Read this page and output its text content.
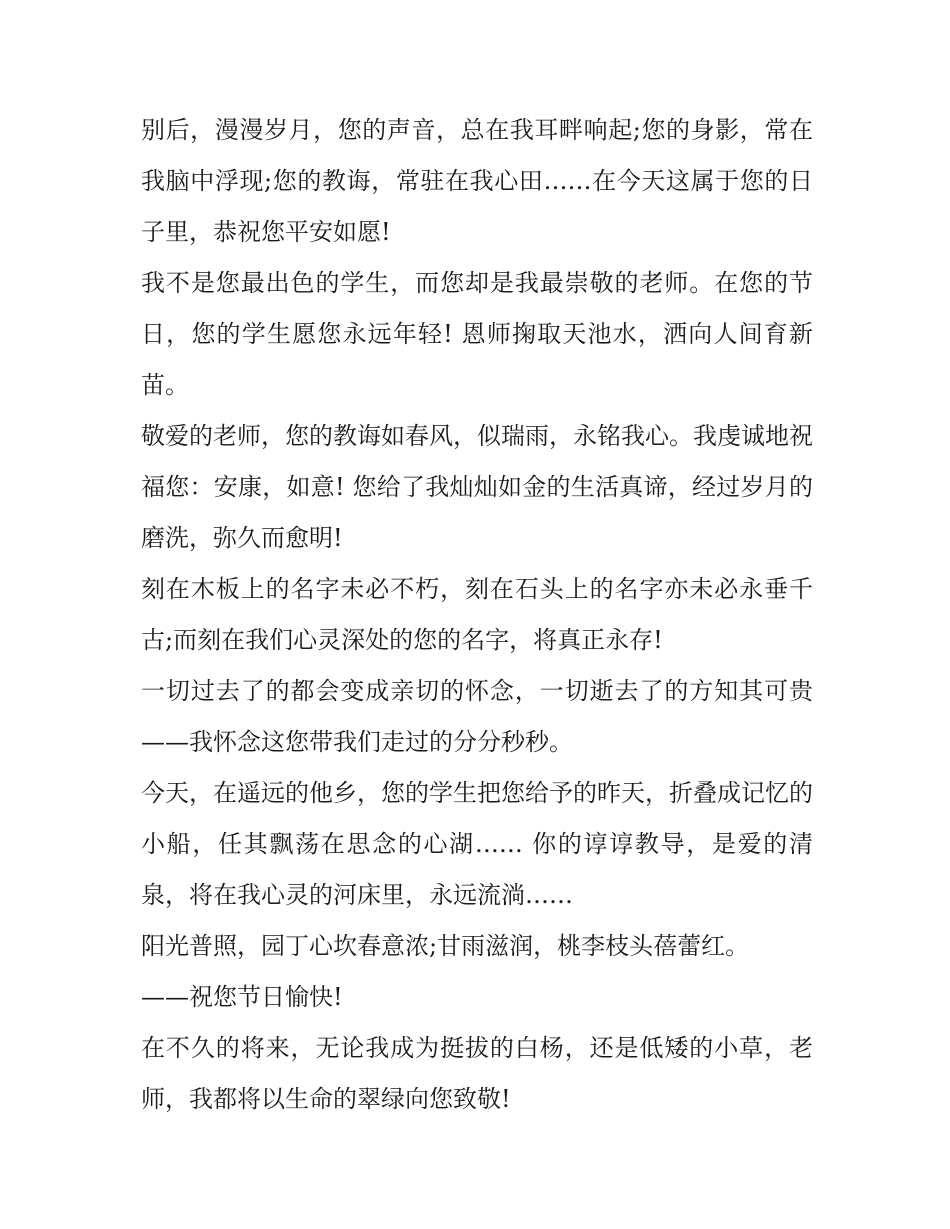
别后，漫漫岁月，您的声音，总在我耳畔响起;您的身影，常在我脑中浮现;您的教诲，常驻在我心田……在今天这属于您的日子里，恭祝您平安如愿!

我不是您最出色的学生，而您却是我最崇敬的老师。在您的节日，您的学生愿您永远年轻! 恩师掬取天池水，洒向人间育新苗。

敬爱的老师，您的教诲如春风，似瑞雨，永铭我心。我虔诚地祝福您：安康，如意! 您给了我灿灿如金的生活真谛，经过岁月的磨洗，弥久而愈明!

刻在木板上的名字未必不朽，刻在石头上的名字亦未必永垂千古;而刻在我们心灵深处的您的名字，将真正永存!

一切过去了的都会变成亲切的怀念，一切逝去了的方知其可贵——我怀念这您带我们走过的分分秒秒。

今天，在遥远的他乡，您的学生把您给予的昨天，折叠成记忆的小船，任其飘荡在思念的心湖…… 你的谆谆教导，是爱的清泉，将在我心灵的河床里，永远流淌……

阳光普照，园丁心坎春意浓;甘雨滋润，桃李枝头蓓蕾红。

——祝您节日愉快!

在不久的将来，无论我成为挺拔的白杨，还是低矮的小草，老师，我都将以生命的翠绿向您致敬!
